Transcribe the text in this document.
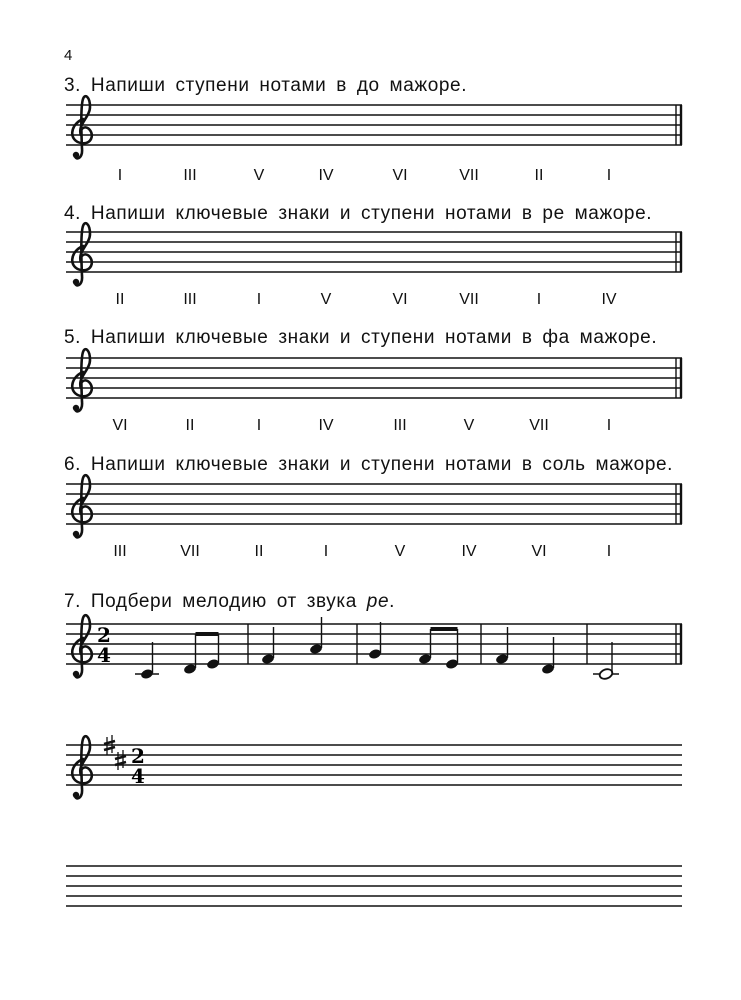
4
3. Напиши ступени нотами в до мажоре.
4. Напиши ключевые знаки и ступени нотами в ре мажоре.
5. Напиши ключевые знаки и ступени нотами в фа мажоре.
6. Напиши ключевые знаки и ступени нотами в соль мажоре.
7. Подбери мелодию от звука ре.
I	III	V	IV	VI	VII	II	I
II	III	I	V	VI	VII	I	IV
VI	II	I	IV	III	V	VII	I
III	VII	II	I	V	IV	VI	I
2
4
2
4
